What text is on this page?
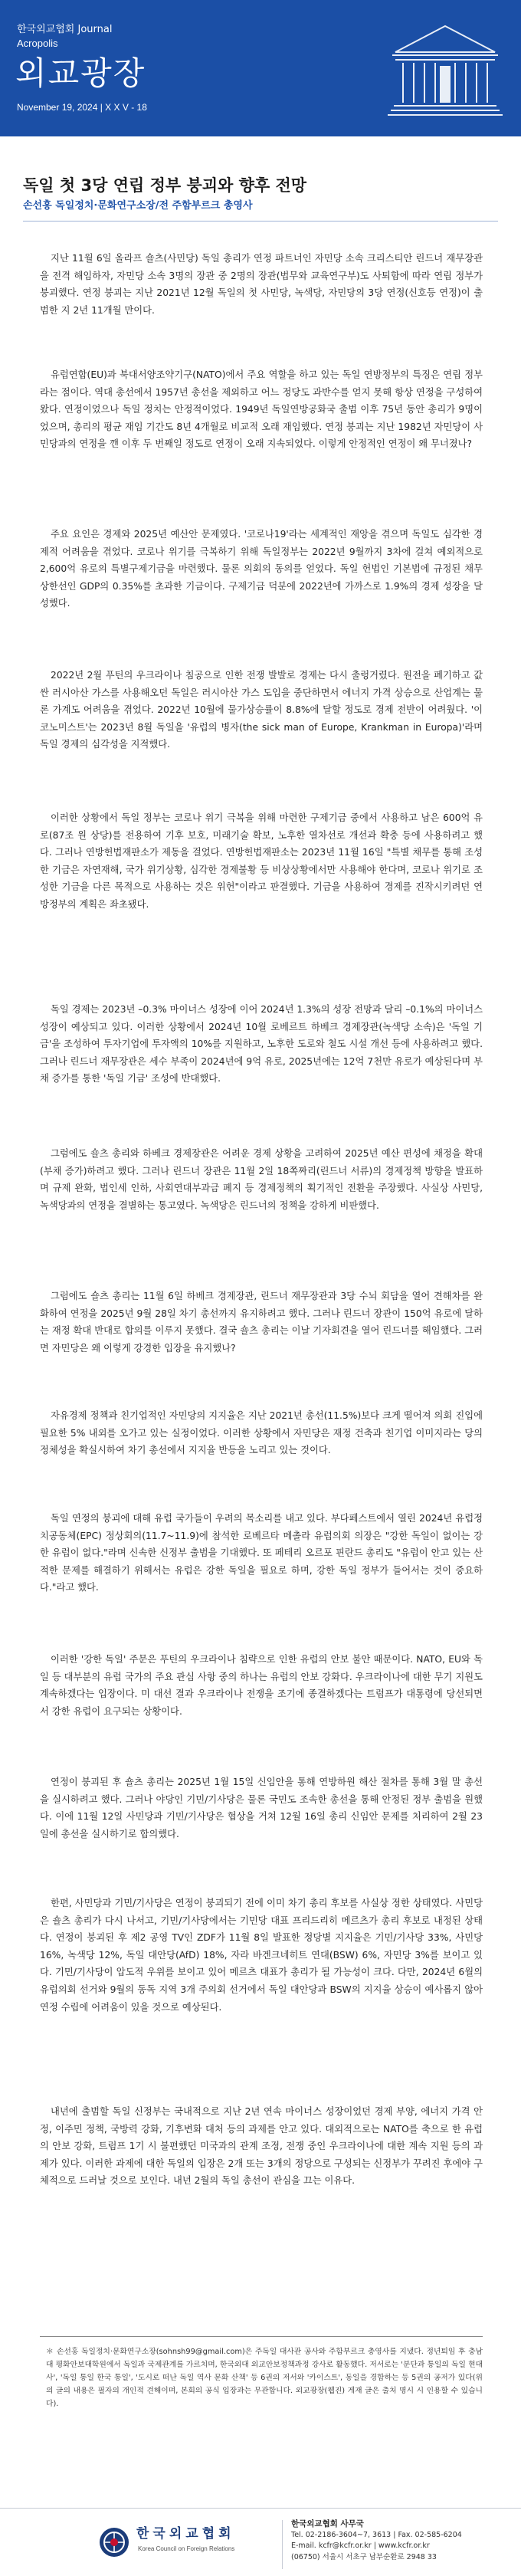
한국외교협회 Journal
Acropolis
외교광장
November 19, 2024 | X X V - 18
독일 첫 3당 연립 정부 붕괴와 향후 전망
손선홍 독일정치·문화연구소장/전 주함부르크 총영사

지난 11월 6일 올라프 숄츠(사민당) 독일 총리가 연정 파트너인 자민당 소속 크리스티안 린드너 재무장관을 전격 해임하자, 자민당 소속 3명의 장관 중 2명의 장관(법무와 교육연구부)도 사퇴함에 따라 연립 정부가 붕괴했다. 연정 붕괴는 지난 2021년 12월 독일의 첫 사민당, 녹색당, 자민당의 3당 연정(신호등 연정)이 출범한 지 2년 11개월 만이다.

유럽연합(EU)과 북대서양조약기구(NATO)에서 주요 역할을 하고 있는 독일 연방정부의 특징은 연립 정부라는 점이다. 역대 총선에서 1957년 총선을 제외하고 어느 정당도 과반수를 얻지 못해 항상 연정을 구성하여 왔다. 연정이었으나 독일 정치는 안정적이었다. 1949년 독일연방공화국 출범 이후 75년 동안 총리가 9명이었으며, 총리의 평균 재임 기간도 8년 4개월로 비교적 오래 재임했다. 연정 붕괴는 지난 1982년 자민당이 사민당과의 연정을 깬 이후 두 번째일 정도로 연정이 오래 지속되었다. 이렇게 안정적인 연정이 왜 무너졌나?

주요 요인은 경제와 2025년 예산안 문제였다. '코로나19'라는 세계적인 재앙을 겪으며 독일도 심각한 경제적 어려움을 겪었다. 코로나 위기를 극복하기 위해 독일정부는 2022년 9월까지 3차에 걸쳐 예외적으로 2,600억 유로의 특별구제기금을 마련했다. 물론 의회의 동의를 얻었다. 독일 헌법인 기본법에 규정된 채무 상한선인 GDP의 0.35%를 초과한 기금이다. 구제기금 덕분에 2022년에 가까스로 1.9%의 경제 성장을 달성했다.

2022년 2월 푸틴의 우크라이나 침공으로 인한 전쟁 발발로 경제는 다시 출렁거렸다. 원전을 폐기하고 값싼 러시아산 가스를 사용해오던 독일은 러시아산 가스 도입을 중단하면서 에너지 가격 상승으로 산업계는 물론 가계도 어려움을 겪었다. 2022년 10월에 물가상승률이 8.8%에 달할 정도로 경제 전반이 어려웠다. '이코노미스트'는 2023년 8월 독일을 '유럽의 병자(the sick man of Europe, Krankman in Europa)'라며 독일 경제의 심각성을 지적했다.

이러한 상황에서 독일 정부는 코로나 위기 극복을 위해 마련한 구제기금 중에서 사용하고 남은 600억 유로(87조 원 상당)를 전용하여 기후 보호, 미래기술 확보, 노후한 열차선로 개선과 확충 등에 사용하려고 했다. 그러나 연방헌법재판소가 제동을 걸었다. 연방헌법재판소는 2023년 11월 16일 "특별 채무를 통해 조성한 기금은 자연재해, 국가 위기상황, 심각한 경제불황 등 비상상황에서만 사용해야 한다며, 코로나 위기로 조성한 기금을 다른 목적으로 사용하는 것은 위헌"이라고 판결했다. 기금을 사용하여 경제를 진작시키려던 연방정부의 계획은 좌초됐다.

독일 경제는 2023년 –0.3% 마이너스 성장에 이어 2024년 1.3%의 성장 전망과 달리 –0.1%의 마이너스 성장이 예상되고 있다. 이러한 상황에서 2024년 10월 로베르트 하베크 경제장관(녹색당 소속)은 '독일 기금'을 조성하여 투자기업에 투자액의 10%를 지원하고, 노후한 도로와 철도 시설 개선 등에 사용하려고 했다. 그러나 린드너 재무장관은 세수 부족이 2024년에 9억 유로, 2025년에는 12억 7천만 유로가 예상된다며 부채 증가를 통한 '독일 기금' 조성에 반대했다.

그럼에도 숄츠 총리와 하베크 경제장관은 어려운 경제 상황을 고려하여 2025년 예산 편성에 채정을 확대(부채 증가)하려고 했다. 그러나 린드너 장관은 11월 2일 18쪽짜리(린드너 서류)의 경제정책 방향을 발표하며 규제 완화, 법인세 인하, 사회연대부과금 폐지 등 경제정책의 획기적인 전환을 주장했다. 사실상 사민당, 녹색당과의 연정을 결별하는 통고였다. 녹색당은 린드너의 정책을 강하게 비판했다.

그럼에도 숄츠 총리는 11월 6일 하베크 경제장관, 린드너 재무장관과 3당 수뇌 회담을 열어 견해차를 완화하여 연정을 2025년 9월 28일 차기 총선까지 유지하려고 했다. 그러나 린드너 장관이 150억 유로에 달하는 재정 확대 반대로 합의를 이루지 못했다. 결국 숄츠 총리는 이날 기자회견을 열어 린드너를 해임했다. 그러면 자민당은 왜 이렇게 강경한 입장을 유지했나?

자유경제 정책과 친기업적인 자민당의 지지율은 지난 2021년 총선(11.5%)보다 크게 떨어져 의회 진입에 필요한 5% 내외를 오가고 있는 실정이었다. 이러한 상황에서 자민당은 재정 건축과 친기업 이미지라는 당의 정체성을 확실시하여 차기 총선에서 지지율 반등을 노리고 있는 것이다.

독일 연정의 붕괴에 대해 유럽 국가들이 우려의 목소리를 내고 있다. 부다페스트에서 열린 2024년 유럽정치공동체(EPC) 정상회의(11.7~11.9)에 참석한 로베르타 메촐라 유럽의회 의장은 "강한 독일이 없이는 강한 유럽이 없다."라며 신속한 신정부 출범을 기대했다. 또 페테리 오르포 핀란드 총리도 "유럽이 안고 있는 산적한 문제를 해결하기 위해서는 유럽은 강한 독일을 필요로 하며, 강한 독일 정부가 들어서는 것이 중요하다."라고 했다.

이러한 '강한 독일' 주문은 푸틴의 우크라이나 침략으로 인한 유럽의 안보 불안 때문이다. NATO, EU와 독일 등 대부분의 유럽 국가의 주요 관심 사항 중의 하나는 유럽의 안보 강화다. 우크라이나에 대한 무기 지원도 계속하겠다는 입장이다. 미 대선 결과 우크라이나 전쟁을 조기에 종결하겠다는 트럼프가 대통령에 당선되면서 강한 유럽이 요구되는 상황이다.

연정이 붕괴된 후 숄츠 총리는 2025년 1월 15일 신임안을 통해 연방하원 해산 절차를 통해 3월 말 총선을 실시하려고 했다. 그러나 야당인 기민/기사당은 물론 국민도 조속한 총선을 통해 안정된 정부 출범을 원했다. 이에 11월 12일 사민당과 기민/기사당은 협상을 거쳐 12월 16일 총리 신임안 문제를 처리하여 2월 23일에 총선을 실시하기로 합의했다.

한편, 사민당과 기민/기사당은 연정이 붕괴되기 전에 이미 차기 총리 후보를 사실상 정한 상태였다. 사민당은 숄츠 총리가 다시 나서고, 기민/기사당에서는 기민당 대표 프리드리히 메르츠가 총리 후보로 내정된 상태다. 연정이 붕괴된 후 제2 공영 TV인 ZDF가 11월 8일 발표한 정당별 지지율은 기민/기사당 33%, 사민당 16%, 녹색당 12%, 독일 대안당(AfD) 18%, 자라 바겐크네히트 연대(BSW) 6%, 자민당 3%를 보이고 있다. 기민/기사당이 압도적 우위를 보이고 있어 메르츠 대표가 총리가 될 가능성이 크다. 다만, 2024년 6월의 유럽의회 선거와 9월의 동독 지역 3개 주의회 선거에서 독일 대안당과 BSW의 지지율 상승이 예사롭지 않아 연정 수립에 어려움이 있을 것으로 예상된다.

내년에 출범할 독일 신정부는 국내적으로 지난 2년 연속 마이너스 성장이었던 경제 부양, 에너지 가격 안정, 이주민 정책, 국방력 강화, 기후변화 대처 등의 과제를 안고 있다. 대외적으로는 NATO를 축으로 한 유럽의 안보 강화, 트럼프 1기 시 불편했던 미국과의 관계 조정, 전쟁 중인 우크라이나에 대한 계속 지원 등의 과제가 있다. 이러한 과제에 대한 독일의 입장은 2개 또는 3개의 정당으로 구성되는 신정부가 꾸려진 후에야 구체적으로 드러날 것으로 보인다. 내년 2월의 독일 총선이 관심을 끄는 이유다.

＊ 손선홍 독일정치·문화연구소장(sohnsh99@gmail.com)은 주독일 대사관 공사와 주함부르크 총영사를 지냈다. 정년퇴임 후 충남대 평화안보대학원에서 독일과 국제관계를 가르치며, 한국외대 외교안보정책과정 강사로 활동했다. 저서로는 '분단과 통일의 독일 현대사', '독일 통일 한국 통일', '도시로 떠난 독일 역사 문화 산책' 등 6권의 저서와 '카이스트', 동일을 경합하는 등 5권의 공저가 있다(위의 글의 내용은 필자의 개인적 견해이며, 본회의 공식 입장과는 무관합니다. 외교광장(웹진) 게재 글은 출처 명시 시 인용할 수 있습니다).

한국외교협회
Korea Council on Foreign Relations
한국외교협회 사무국
Tel. 02-2186-3604~7, 3613 | Fax. 02-585-6204
E-mail. kcfr@kcfr.or.kr | www.kcfr.or.kr
(06750) 서울시 서초구 남부순환로 2948 33
